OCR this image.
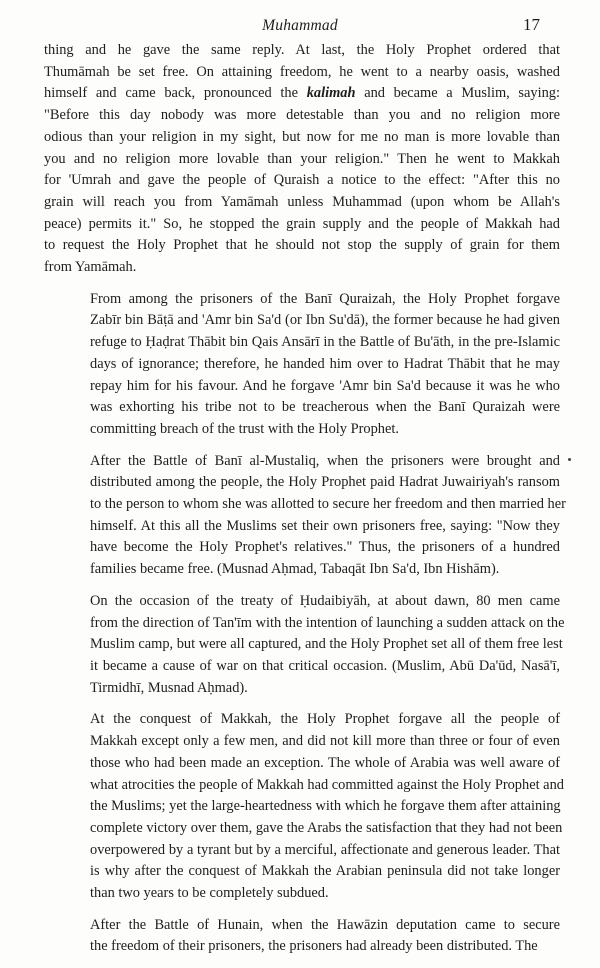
Muhammad	17

thing and he gave the same reply. At last, the Holy Prophet ordered that
Thumāmah be set free. On attaining freedom, he went to a nearby oasis, washed
himself and came back, pronounced the kalimah and became a Muslim, saying:
"Before this day nobody was more detestable than you and no religion more
odious than your religion in my sight, but now for me no man is more lovable than
you and no religion more lovable than your religion." Then he went to Makkah
for 'Umrah and gave the people of Quraish a notice to the effect: "After this no
grain will reach you from Yamāmah unless Muhammad (upon whom be Allah's
peace) permits it." So, he stopped the grain supply and the people of Makkah had
to request the Holy Prophet that he should not stop the supply of grain for them
from Yamāmah.

From among the prisoners of the Banī Quraizah, the Holy Prophet forgave
Zabīr bin Bāṭā and 'Amr bin Sa'd (or Ibn Su'dā), the former because he had given
refuge to Ḥaḍrat Thābit bin Qais Ansārī in the Battle of Bu'āth, in the pre-Islamic
days of ignorance; therefore, he handed him over to Hadrat Thābit that he may
repay him for his favour. And he forgave 'Amr bin Sa'd because it was he who
was exhorting his tribe not to be treacherous when the Banī Quraizah were
committing breach of the trust with the Holy Prophet.

After the Battle of Banī al-Mustaliq, when the prisoners were brought and
distributed among the people, the Holy Prophet paid Hadrat Juwairiyah's ransom
to the person to whom she was allotted to secure her freedom and then married her
himself. At this all the Muslims set their own prisoners free, saying: "Now they
have become the Holy Prophet's relatives." Thus, the prisoners of a hundred
families became free. (Musnad Aḥmad, Tabaqāt Ibn Sa'd, Ibn Hishām).

On the occasion of the treaty of Ḥudaibiyāh, at about dawn, 80 men came
from the direction of Tan'īm with the intention of launching a sudden attack on the
Muslim camp, but were all captured, and the Holy Prophet set all of them free lest
it became a cause of war on that critical occasion. (Muslim, Abū Da'ūd, Nasā'ī,
Tirmidhī, Musnad Aḥmad).

At the conquest of Makkah, the Holy Prophet forgave all the people of
Makkah except only a few men, and did not kill more than three or four of even
those who had been made an exception. The whole of Arabia was well aware of
what atrocities the people of Makkah had committed against the Holy Prophet and
the Muslims; yet the large-heartedness with which he forgave them after attaining
complete victory over them, gave the Arabs the satisfaction that they had not been
overpowered by a tyrant but by a merciful, affectionate and generous leader. That
is why after the conquest of Makkah the Arabian peninsula did not take longer
than two years to be completely subdued.

After the Battle of Hunain, when the Hawāzin deputation came to secure
the freedom of their prisoners, the prisoners had already been distributed. The
